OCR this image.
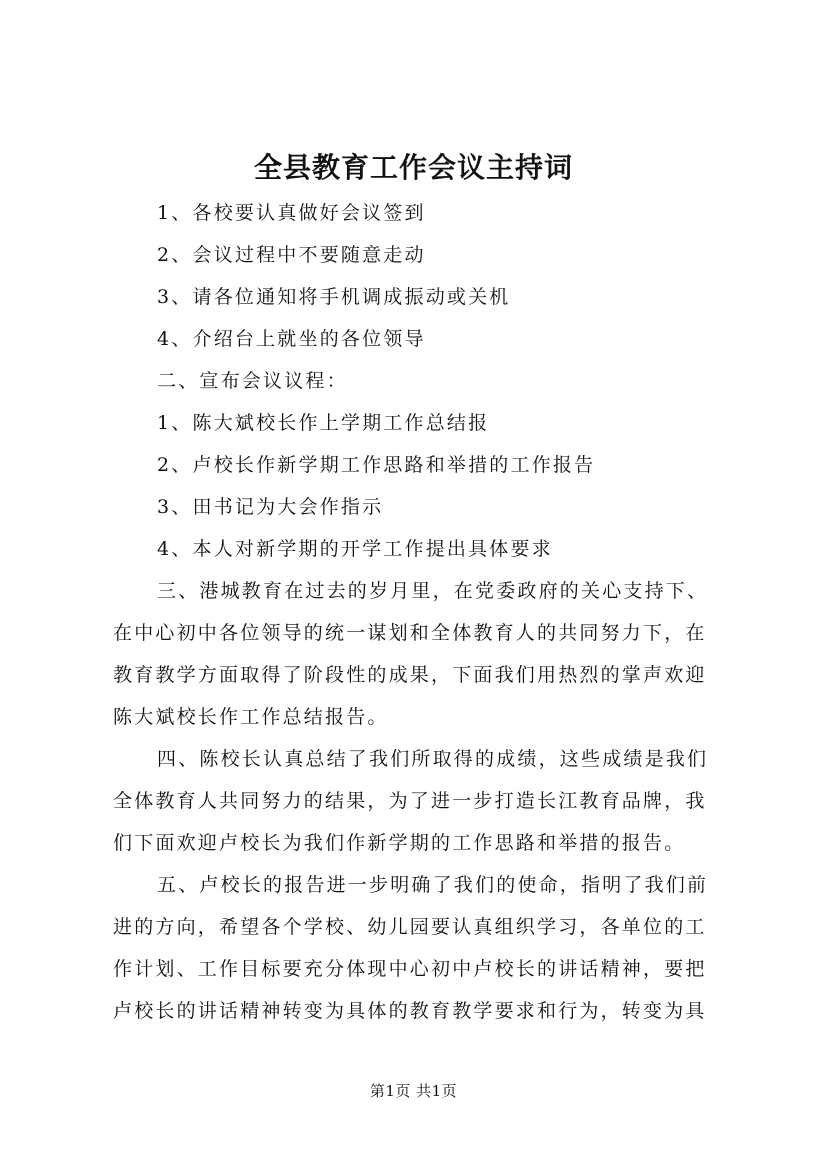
全县教育工作会议主持词
1、各校要认真做好会议签到
2、会议过程中不要随意走动
3、请各位通知将手机调成振动或关机
4、介绍台上就坐的各位领导
二、宣布会议议程：
1、陈大斌校长作上学期工作总结报
2、卢校长作新学期工作思路和举措的工作报告
3、田书记为大会作指示
4、本人对新学期的开学工作提出具体要求
三、港城教育在过去的岁月里，在党委政府的关心支持下、
在中心初中各位领导的统一谋划和全体教育人的共同努力下，在
教育教学方面取得了阶段性的成果，下面我们用热烈的掌声欢迎
陈大斌校长作工作总结报告。
四、陈校长认真总结了我们所取得的成绩，这些成绩是我们
全体教育人共同努力的结果，为了进一步打造长江教育品牌，我
们下面欢迎卢校长为我们作新学期的工作思路和举措的报告。
五、卢校长的报告进一步明确了我们的使命，指明了我们前
进的方向，希望各个学校、幼儿园要认真组织学习，各单位的工
作计划、工作目标要充分体现中心初中卢校长的讲话精神，要把
卢校长的讲话精神转变为具体的教育教学要求和行为，转变为具
第1页 共1页
